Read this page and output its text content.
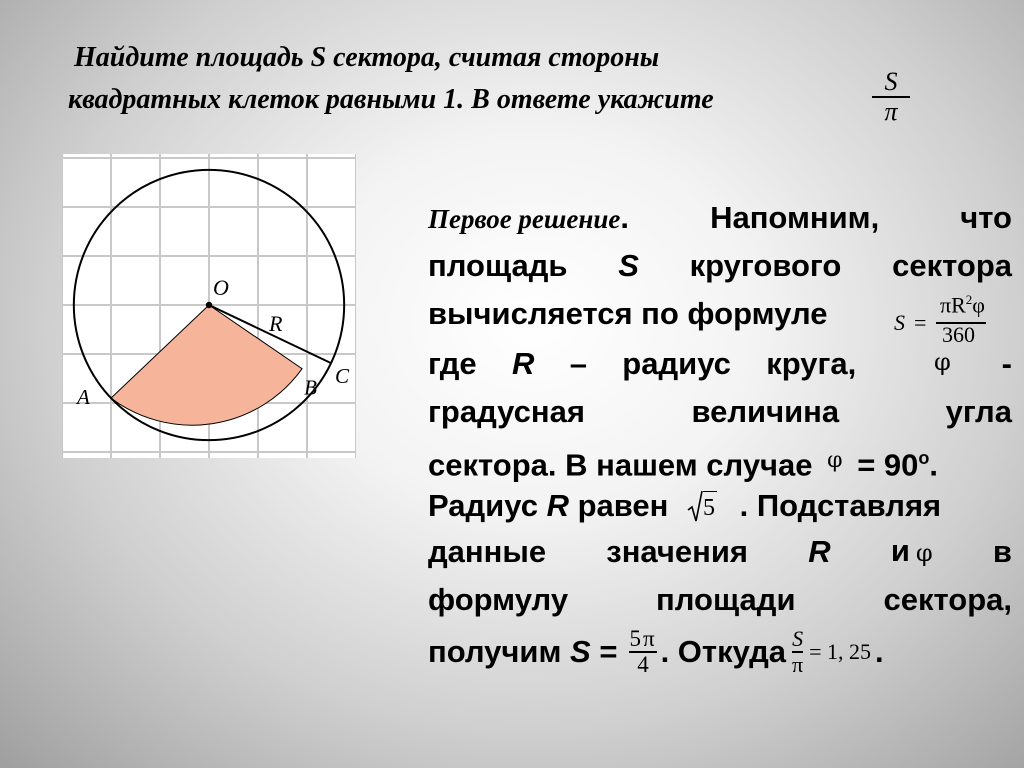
Найдите площадь S сектора, считая стороны
квадратных клеток равными 1. В ответе укажите
S
π
O
R
A	B C
Первое решение.	Напомним,	что
площадь S кругового сектора
вычисляется по формуле	S =
$\pi R^2\varphi$
360
где R – радиус круга,	-
φ
градусная	величина	угла
сектора. В нашем случае $^\varphi = 90^o$.
Радиус R равен 5 . Подставляя
данные значения R и φ в
формулу	площади	сектора,
получим
S
= $\frac{5\pi}{4}$ . Откуда $\frac{S}{\pi} = 1$, 25 .
